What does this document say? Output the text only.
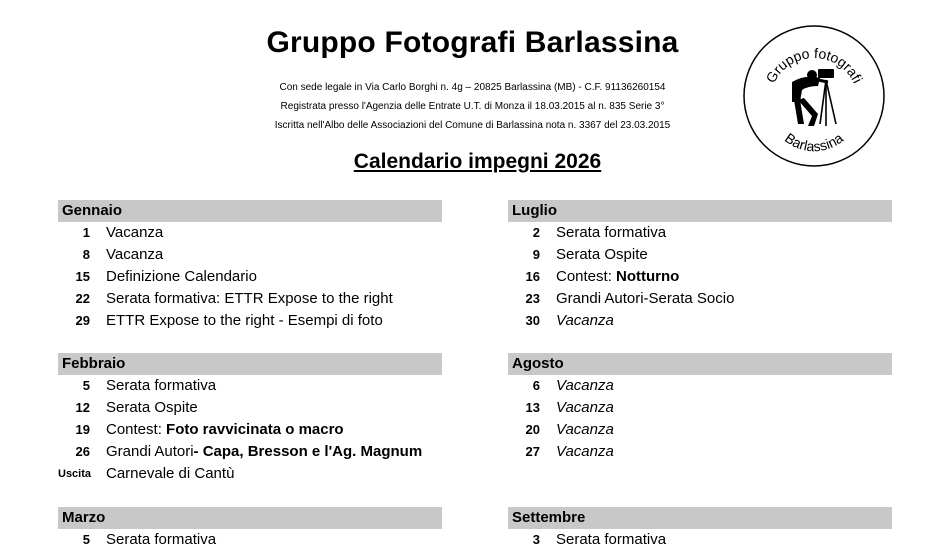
Gruppo Fotografi Barlassina
Con sede legale in Via Carlo Borghi n. 4g – 20825 Barlassina (MB) - C.F. 91136260154
Registrata presso l'Agenzia delle Entrate U.T. di Monza il 18.03.2015 al n. 835 Serie 3°
Iscritta nell'Albo delle Associazioni del Comune di Barlassina nota n. 3367 del 23.03.2015
Calendario impegni 2026
Gruppo fotografi
Barlassina
Gennaio
1 Vacanza
8 Vacanza
15 Definizione Calendario
22 Serata formativa: ETTR Expose to the right
29 ETTR Expose to the right - Esempi di foto
Febbraio
5 Serata formativa
12 Serata Ospite
19 Contest: Foto ravvicinata o macro
26 Grandi Autori- Capa, Bresson e l'Ag. Magnum
Uscita Carnevale di Cantù
Marzo
5 Serata formativa
Luglio
2 Serata formativa
9 Serata Ospite
16 Contest: Notturno
23 Grandi Autori-Serata Socio
30 Vacanza
Agosto
6 Vacanza
13 Vacanza
20 Vacanza
27 Vacanza
Settembre
3 Serata formativa
